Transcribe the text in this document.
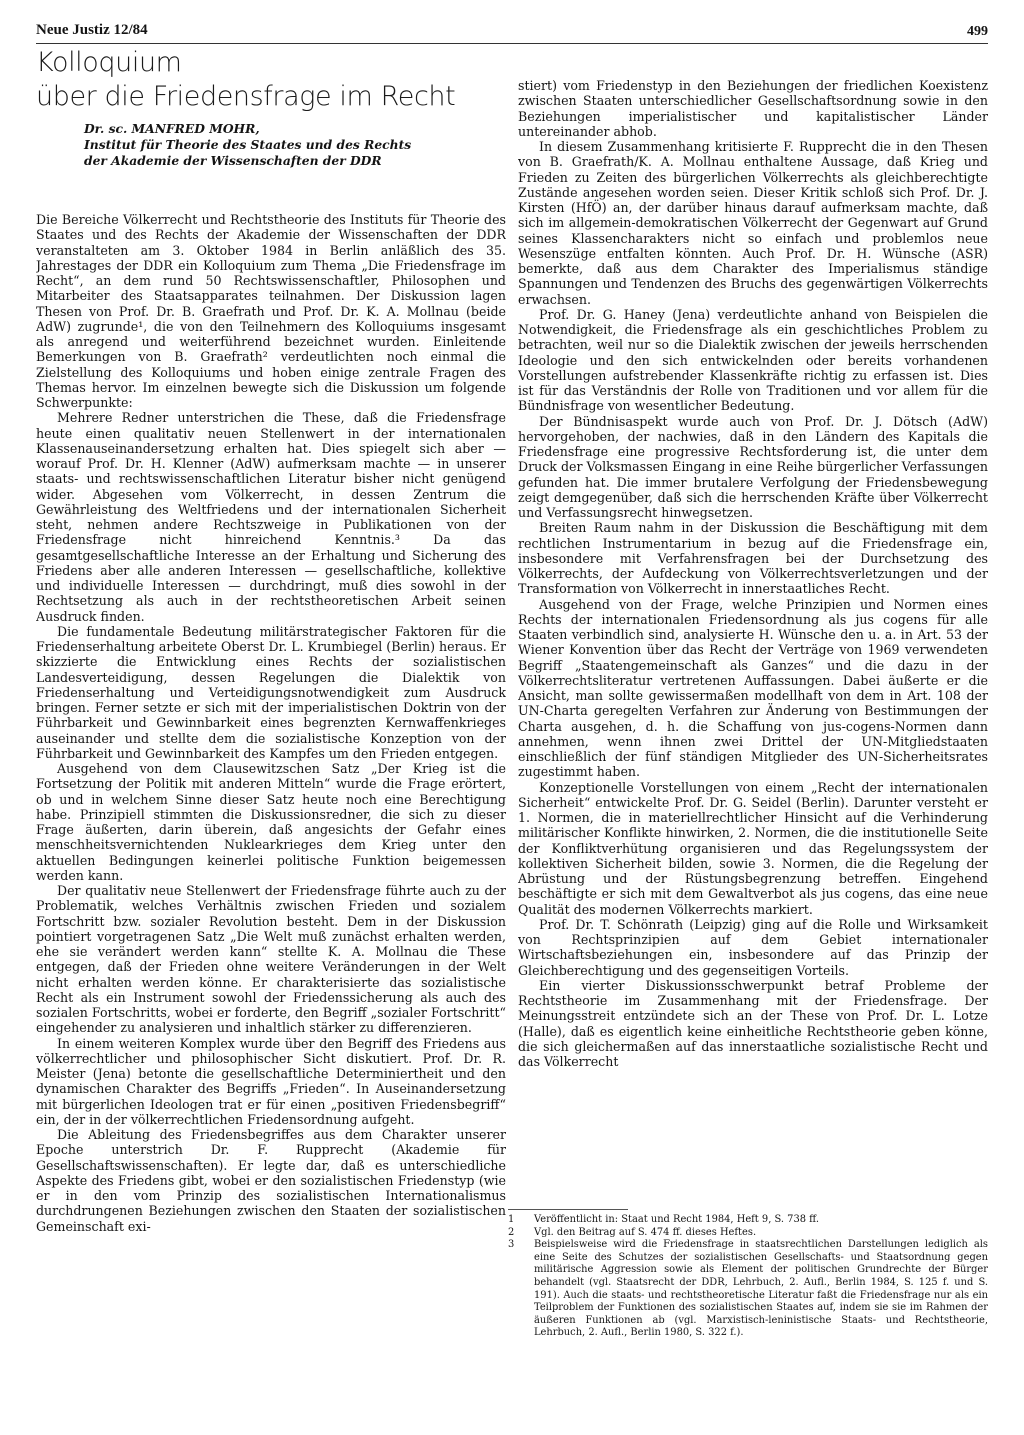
Neue Justiz 12/84	499
Kolloquium
über die Friedensfrage im Recht
Dr. sc. MANFRED MOHR,
Institut für Theorie des Staates und des Rechts
der Akademie der Wissenschaften der DDR

Die Bereiche Völkerrecht und Rechtstheorie des Instituts für Theorie des Staates und des Rechts der Akademie der Wissenschaften der DDR veranstalteten am 3. Oktober 1984 in Berlin anläßlich des 35. Jahrestages der DDR ein Kolloquium zum Thema „Die Friedensfrage im Recht“, an dem rund 50 Rechtswissenschaftler, Philosophen und Mitarbeiter des Staatsapparates teilnahmen. Der Diskussion lagen Thesen von Prof. Dr. B. Graefrath und Prof. Dr. K. A. Mollnau (beide AdW) zugrunde¹, die von den Teilnehmern des Kolloquiums insgesamt als anregend und weiterführend bezeichnet wurden. Einleitende Bemerkungen von B. Graefrath² verdeutlichten noch einmal die Zielstellung des Kolloquiums und hoben einige zentrale Fragen des Themas hervor. Im einzelnen bewegte sich die Diskussion um folgende Schwerpunkte:

Mehrere Redner unterstrichen die These, daß die Friedensfrage heute einen qualitativ neuen Stellenwert in der internationalen Klassenauseinandersetzung erhalten hat. Dies spiegelt sich aber — worauf Prof. Dr. H. Klenner (AdW) aufmerksam machte — in unserer staats- und rechtswissenschaftlichen Literatur bisher nicht genügend wider. Abgesehen vom Völkerrecht, in dessen Zentrum die Gewährleistung des Weltfriedens und der internationalen Sicherheit steht, nehmen andere Rechtszweige in Publikationen von der Friedensfrage nicht hinreichend Kenntnis.³ Da das gesamtgesellschaftliche Interesse an der Erhaltung und Sicherung des Friedens aber alle anderen Interessen — gesellschaftliche, kollektive und individuelle Interessen — durchdringt, muß dies sowohl in der Rechtsetzung als auch in der rechtstheoretischen Arbeit seinen Ausdruck finden.

Die fundamentale Bedeutung militärstrategischer Faktoren für die Friedenserhaltung arbeitete Oberst Dr. L. Krumbiegel (Berlin) heraus. Er skizzierte die Entwicklung eines Rechts der sozialistischen Landesverteidigung, dessen Regelungen die Dialektik von Friedenserhaltung und Verteidigungsnotwendigkeit zum Ausdruck bringen. Ferner setzte er sich mit der imperialistischen Doktrin von der Führbarkeit und Gewinnbarkeit eines begrenzten Kernwaffenkrieges auseinander und stellte dem die sozialistische Konzeption von der Führbarkeit und Gewinnbarkeit des Kampfes um den Frieden entgegen.

Ausgehend von dem Clausewitzschen Satz „Der Krieg ist die Fortsetzung der Politik mit anderen Mitteln“ wurde die Frage erörtert, ob und in welchem Sinne dieser Satz heute noch eine Berechtigung habe. Prinzipiell stimmten die Diskussionsredner, die sich zu dieser Frage äußerten, darin überein, daß angesichts der Gefahr eines menschheitsvernichtenden Nuklearkrieges dem Krieg unter den aktuellen Bedingungen keinerlei politische Funktion beigemessen werden kann.

Der qualitativ neue Stellenwert der Friedensfrage führte auch zu der Problematik, welches Verhältnis zwischen Frieden und sozialem Fortschritt bzw. sozialer Revolution besteht. Dem in der Diskussion pointiert vorgetragenen Satz „Die Welt muß zunächst erhalten werden, ehe sie verändert werden kann“ stellte K. A. Mollnau die These entgegen, daß der Frieden ohne weitere Veränderungen in der Welt nicht erhalten werden könne. Er charakterisierte das sozialistische Recht als ein Instrument sowohl der Friedenssicherung als auch des sozialen Fortschritts, wobei er forderte, den Begriff „sozialer Fortschritt“ eingehender zu analysieren und inhaltlich stärker zu differenzieren.

In einem weiteren Komplex wurde über den Begriff des Friedens aus völkerrechtlicher und philosophischer Sicht diskutiert. Prof. Dr. R. Meister (Jena) betonte die gesellschaftliche Determiniertheit und den dynamischen Charakter des Begriffs „Frieden“. In Auseinandersetzung mit bürgerlichen Ideologen trat er für einen „positiven Friedensbegriff“ ein, der in der völkerrechtlichen Friedensordnung aufgeht.

Die Ableitung des Friedensbegriffes aus dem Charakter unserer Epoche unterstrich Dr. F. Rupprecht (Akademie für Gesellschaftswissenschaften). Er legte dar, daß es unterschiedliche Aspekte des Friedens gibt, wobei er den sozialistischen Friedenstyp (wie er in den vom Prinzip des sozialistischen Internationalismus durchdrungenen Beziehungen zwischen den Staaten der sozialistischen Gemeinschaft exi-

stiert) vom Friedenstyp in den Beziehungen der friedlichen Koexistenz zwischen Staaten unterschiedlicher Gesellschaftsordnung sowie in den Beziehungen imperialistischer und kapitalistischer Länder untereinander abhob.

In diesem Zusammenhang kritisierte F. Rupprecht die in den Thesen von B. Graefrath/K. A. Mollnau enthaltene Aussage, daß Krieg und Frieden zu Zeiten des bürgerlichen Völkerrechts als gleichberechtigte Zustände angesehen worden seien. Dieser Kritik schloß sich Prof. Dr. J. Kirsten (HfÖ) an, der darüber hinaus darauf aufmerksam machte, daß sich im allgemein-demokratischen Völkerrecht der Gegenwart auf Grund seines Klassencharakters nicht so einfach und problemlos neue Wesenszüge entfalten könnten. Auch Prof. Dr. H. Wünsche (ASR) bemerkte, daß aus dem Charakter des Imperialismus ständige Spannungen und Tendenzen des Bruchs des gegenwärtigen Völkerrechts erwachsen.

Prof. Dr. G. Haney (Jena) verdeutlichte anhand von Beispielen die Notwendigkeit, die Friedensfrage als ein geschichtliches Problem zu betrachten, weil nur so die Dialektik zwischen der jeweils herrschenden Ideologie und den sich entwickelnden oder bereits vorhandenen Vorstellungen aufstrebender Klassenkräfte richtig zu erfassen ist. Dies ist für das Verständnis der Rolle von Traditionen und vor allem für die Bündnisfrage von wesentlicher Bedeutung.

Der Bündnisaspekt wurde auch von Prof. Dr. J. Dötsch (AdW) hervorgehoben, der nachwies, daß in den Ländern des Kapitals die Friedensfrage eine progressive Rechtsforderung ist, die unter dem Druck der Volksmassen Eingang in eine Reihe bürgerlicher Verfassungen gefunden hat. Die immer brutalere Verfolgung der Friedensbewegung zeigt demgegenüber, daß sich die herrschenden Kräfte über Völkerrecht und Verfassungsrecht hinwegsetzen.

Breiten Raum nahm in der Diskussion die Beschäftigung mit dem rechtlichen Instrumentarium in bezug auf die Friedensfrage ein, insbesondere mit Verfahrensfragen bei der Durchsetzung des Völkerrechts, der Aufdeckung von Völkerrechtsverletzungen und der Transformation von Völkerrecht in innerstaatliches Recht.

Ausgehend von der Frage, welche Prinzipien und Normen eines Rechts der internationalen Friedensordnung als jus cogens für alle Staaten verbindlich sind, analysierte H. Wünsche den u. a. in Art. 53 der Wiener Konvention über das Recht der Verträge von 1969 verwendeten Begriff „Staatengemeinschaft als Ganzes“ und die dazu in der Völkerrechtsliteratur vertretenen Auffassungen. Dabei äußerte er die Ansicht, man sollte gewissermaßen modellhaft von dem in Art. 108 der UN-Charta geregelten Verfahren zur Änderung von Bestimmungen der Charta ausgehen, d. h. die Schaffung von jus-cogens-Normen dann annehmen, wenn ihnen zwei Drittel der UN-Mitgliedstaaten einschließlich der fünf ständigen Mitglieder des UN-Sicherheitsrates zugestimmt haben.

Konzeptionelle Vorstellungen von einem „Recht der internationalen Sicherheit“ entwickelte Prof. Dr. G. Seidel (Berlin). Darunter versteht er 1. Normen, die in materiellrechtlicher Hinsicht auf die Verhinderung militärischer Konflikte hinwirken, 2. Normen, die die institutionelle Seite der Konfliktverhütung organisieren und das Regelungssystem der kollektiven Sicherheit bilden, sowie 3. Normen, die die Regelung der Abrüstung und der Rüstungsbegrenzung betreffen. Eingehend beschäftigte er sich mit dem Gewaltverbot als jus cogens, das eine neue Qualität des modernen Völkerrechts markiert.

Prof. Dr. T. Schönrath (Leipzig) ging auf die Rolle und Wirksamkeit von Rechtsprinzipien auf dem Gebiet internationaler Wirtschaftsbeziehungen ein, insbesondere auf das Prinzip der Gleichberechtigung und des gegenseitigen Vorteils.

Ein vierter Diskussionsschwerpunkt betraf Probleme der Rechtstheorie im Zusammenhang mit der Friedensfrage. Der Meinungsstreit entzündete sich an der These von Prof. Dr. L. Lotze (Halle), daß es eigentlich keine einheitliche Rechtstheorie geben könne, die sich gleichermaßen auf das innerstaatliche sozialistische Recht und das Völkerrecht

1	Veröffentlicht in: Staat und Recht 1984, Heft 9, S. 738 ff.
2	Vgl. den Beitrag auf S. 474 ff. dieses Heftes.
3	Beispielsweise wird die Friedensfrage in staatsrechtlichen Darstellungen lediglich als eine Seite des Schutzes der sozialistischen Gesellschafts- und Staatsordnung gegen militärische Aggression sowie als Element der politischen Grundrechte der Bürger behandelt (vgl. Staatsrecht der DDR, Lehrbuch, 2. Aufl., Berlin 1984, S. 125 f. und S. 191). Auch die staats- und rechtstheoretische Literatur faßt die Friedensfrage nur als ein Teilproblem der Funktionen des sozialistischen Staates auf, indem sie sie im Rahmen der äußeren Funktionen ab (vgl. Marxistisch-leninistische Staats- und Rechtstheorie, Lehrbuch, 2. Aufl., Berlin 1980, S. 322 f.).
